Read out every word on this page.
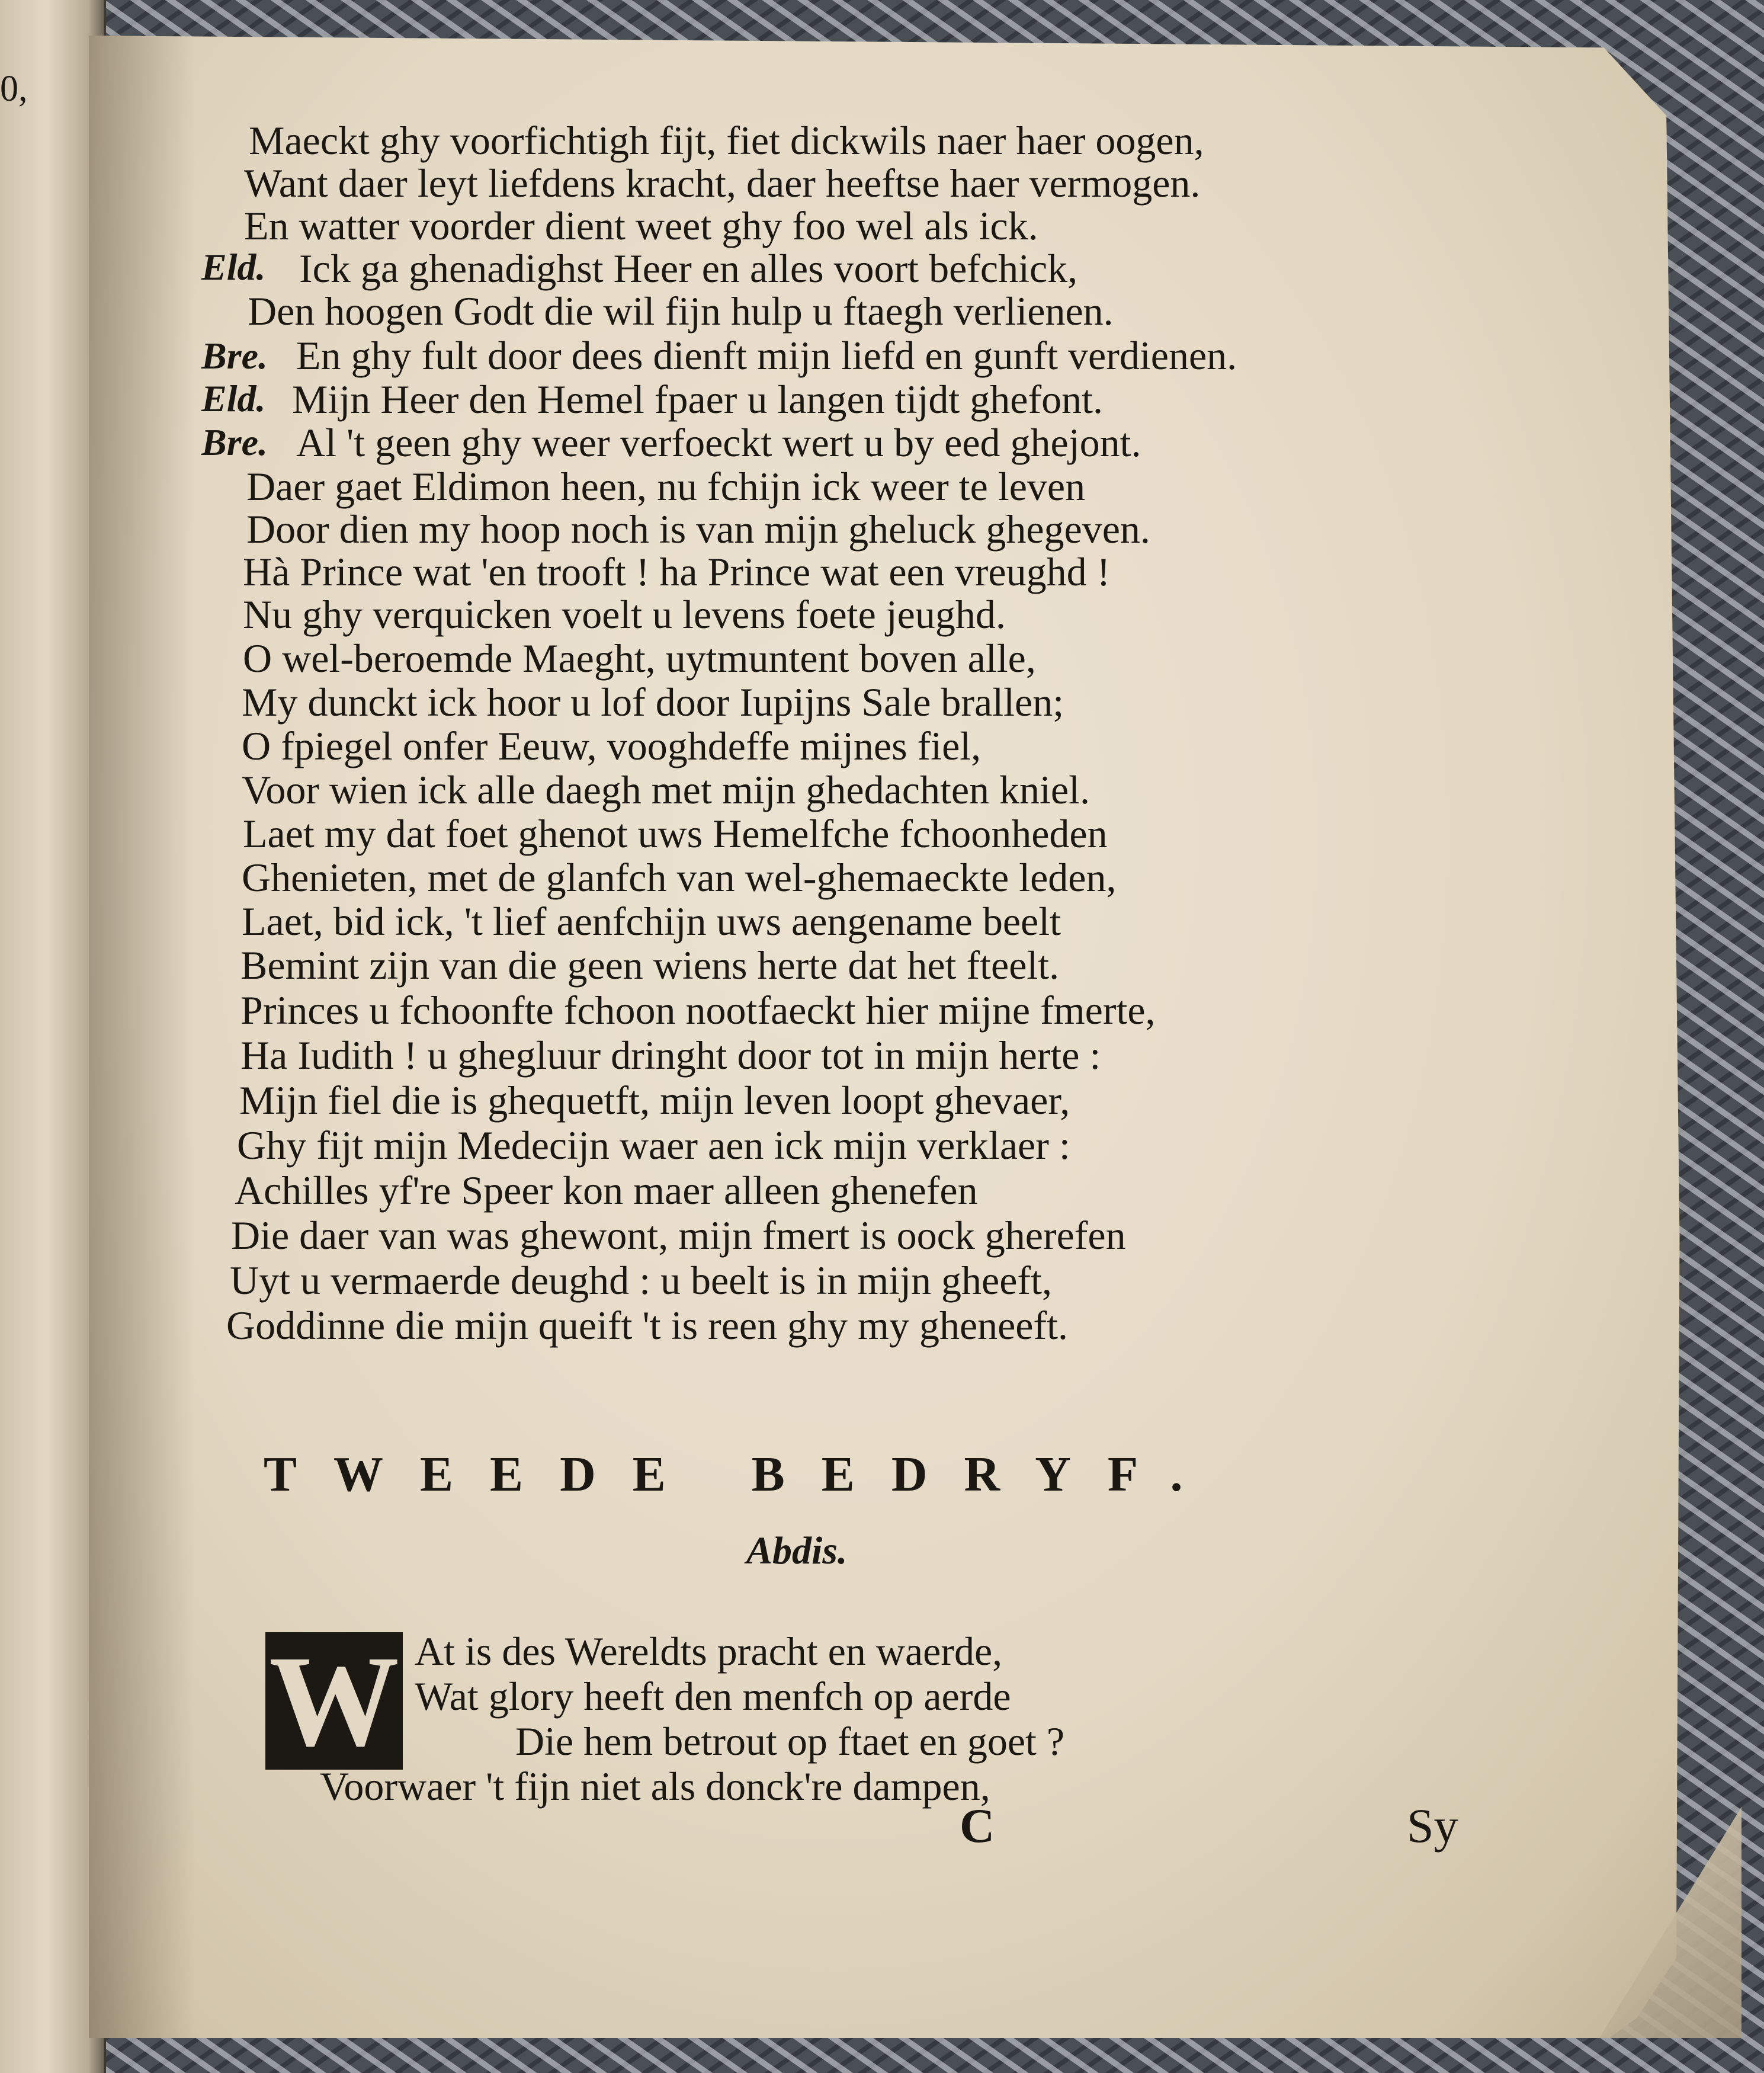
0,
Eld.
Bre.
Eld.
Bre.
Maeckt ghy voorfichtigh fijt, fiet dickwils naer haer oogen,
Want daer leyt liefdens kracht, daer heeftse haer vermogen.
En watter voorder dient weet ghy foo wel als ick.
Ick ga ghenadighst Heer en alles voort befchick,
Den hoogen Godt die wil fijn hulp u ftaegh verlienen.
En ghy fult door dees dienft mijn liefd en gunft verdienen.
Mijn Heer den Hemel fpaer u langen tijdt ghefont.
Al 't geen ghy weer verfoeckt wert u by eed ghejont.
Daer gaet Eldimon heen, nu fchijn ick weer te leven
Door dien my hoop noch is van mijn gheluck ghegeven.
Hà Prince wat 'en trooft ! ha Prince wat een vreughd !
Nu ghy verquicken voelt u levens foete jeughd.
O wel-beroemde Maeght, uytmuntent boven alle,
My dunckt ick hoor u lof door Iupijns Sale brallen;
O fpiegel onfer Eeuw, vooghdeffe mijnes fiel,
Voor wien ick alle daegh met mijn ghedachten kniel.
Laet my dat foet ghenot uws Hemelfche fchoonheden
Ghenieten, met de glanfch van wel-ghemaeckte leden,
Laet, bid ick, 't lief aenfchijn uws aengename beelt
Bemint zijn van die geen wiens herte dat het fteelt.
Princes u fchoonfte fchoon nootfaeckt hier mijne fmerte,
Ha Iudith ! u ghegluur dringht door tot in mijn herte :
Mijn fiel die is ghequetft, mijn leven loopt ghevaer,
Ghy fijt mijn Medecijn waer aen ick mijn verklaer :
Achilles yf're Speer kon maer alleen ghenefen
Die daer van was ghewont, mijn fmert is oock gherefen
Uyt u vermaerde deughd : u beelt is in mijn gheeft,
Goddinne die mijn queift 't is reen ghy my gheneeft.
TWEEDE BEDRYF.
Abdis.
W At is des Wereldts pracht en waerde,
Wat glory heeft den menfch op aerde
Die hem betrout op ftaet en goet ?
Voorwaer 't fijn niet als donck're dampen,
C	Sy
